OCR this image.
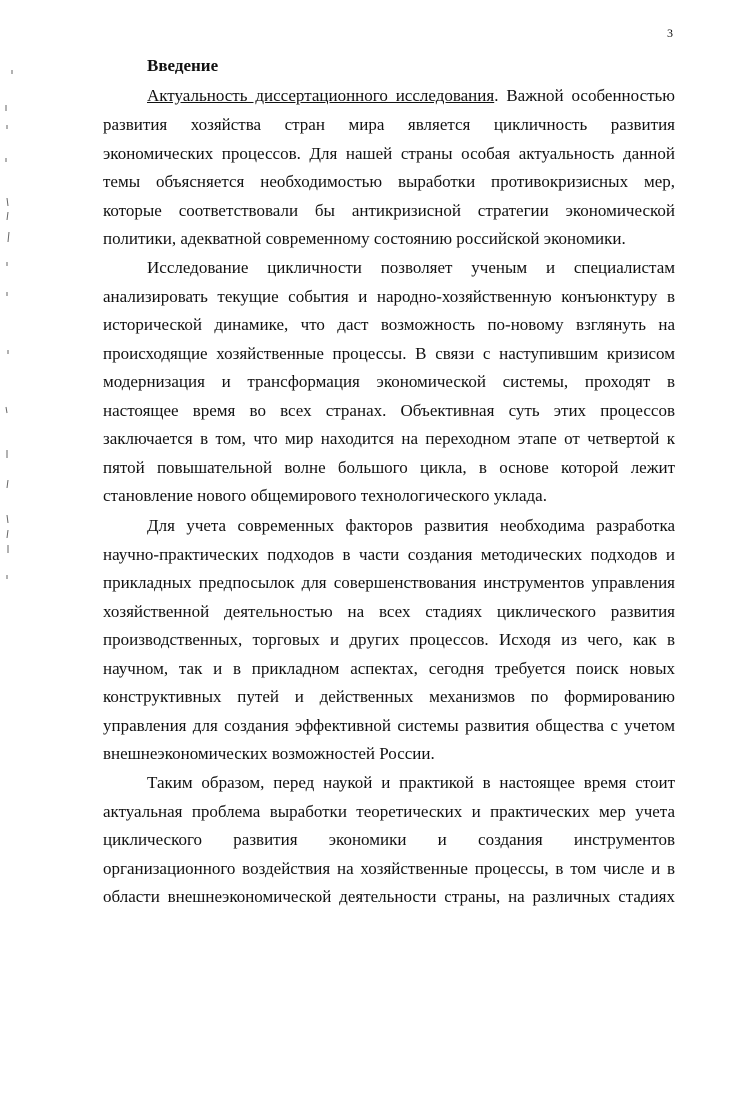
3
Введение
Актуальность диссертационного исследования. Важной особенностью
развития хозяйства стран мира является цикличность развития
экономических процессов. Для нашей страны особая актуальность данной
темы объясняется необходимостью выработки противокризисных мер,
которые соответствовали бы антикризисной стратегии экономической
политики, адекватной современному состоянию российской экономики.
Исследование цикличности позволяет ученым и специалистам
анализировать текущие события и народно-хозяйственную конъюнктуру в
исторической динамике, что даст возможность по-новому взглянуть на
происходящие хозяйственные процессы. В связи с наступившим кризисом
модернизация и трансформация экономической системы, проходят в
настоящее время во всех странах. Объективная суть этих процессов
заключается в том, что мир находится на переходном этапе от четвертой к
пятой повышательной волне большого цикла, в основе которой лежит
становление нового общемирового технологического уклада.
Для учета современных факторов развития необходима разработка
научно-практических подходов в части создания методических подходов и
прикладных предпосылок для совершенствования инструментов управления
хозяйственной деятельностью на всех стадиях циклического развития
производственных, торговых и других процессов. Исходя из чего, как в
научном, так и в прикладном аспектах, сегодня требуется поиск новых
конструктивных путей и действенных механизмов по формированию
управления для создания эффективной системы развития общества с учетом
внешнеэкономических возможностей России.
Таким образом, перед наукой и практикой в настоящее время стоит
актуальная проблема выработки теоретических и практических мер учета
циклического развития экономики и создания инструментов
организационного воздействия на хозяйственные процессы, в том числе и в
области внешнеэкономической деятельности страны, на различных стадиях
